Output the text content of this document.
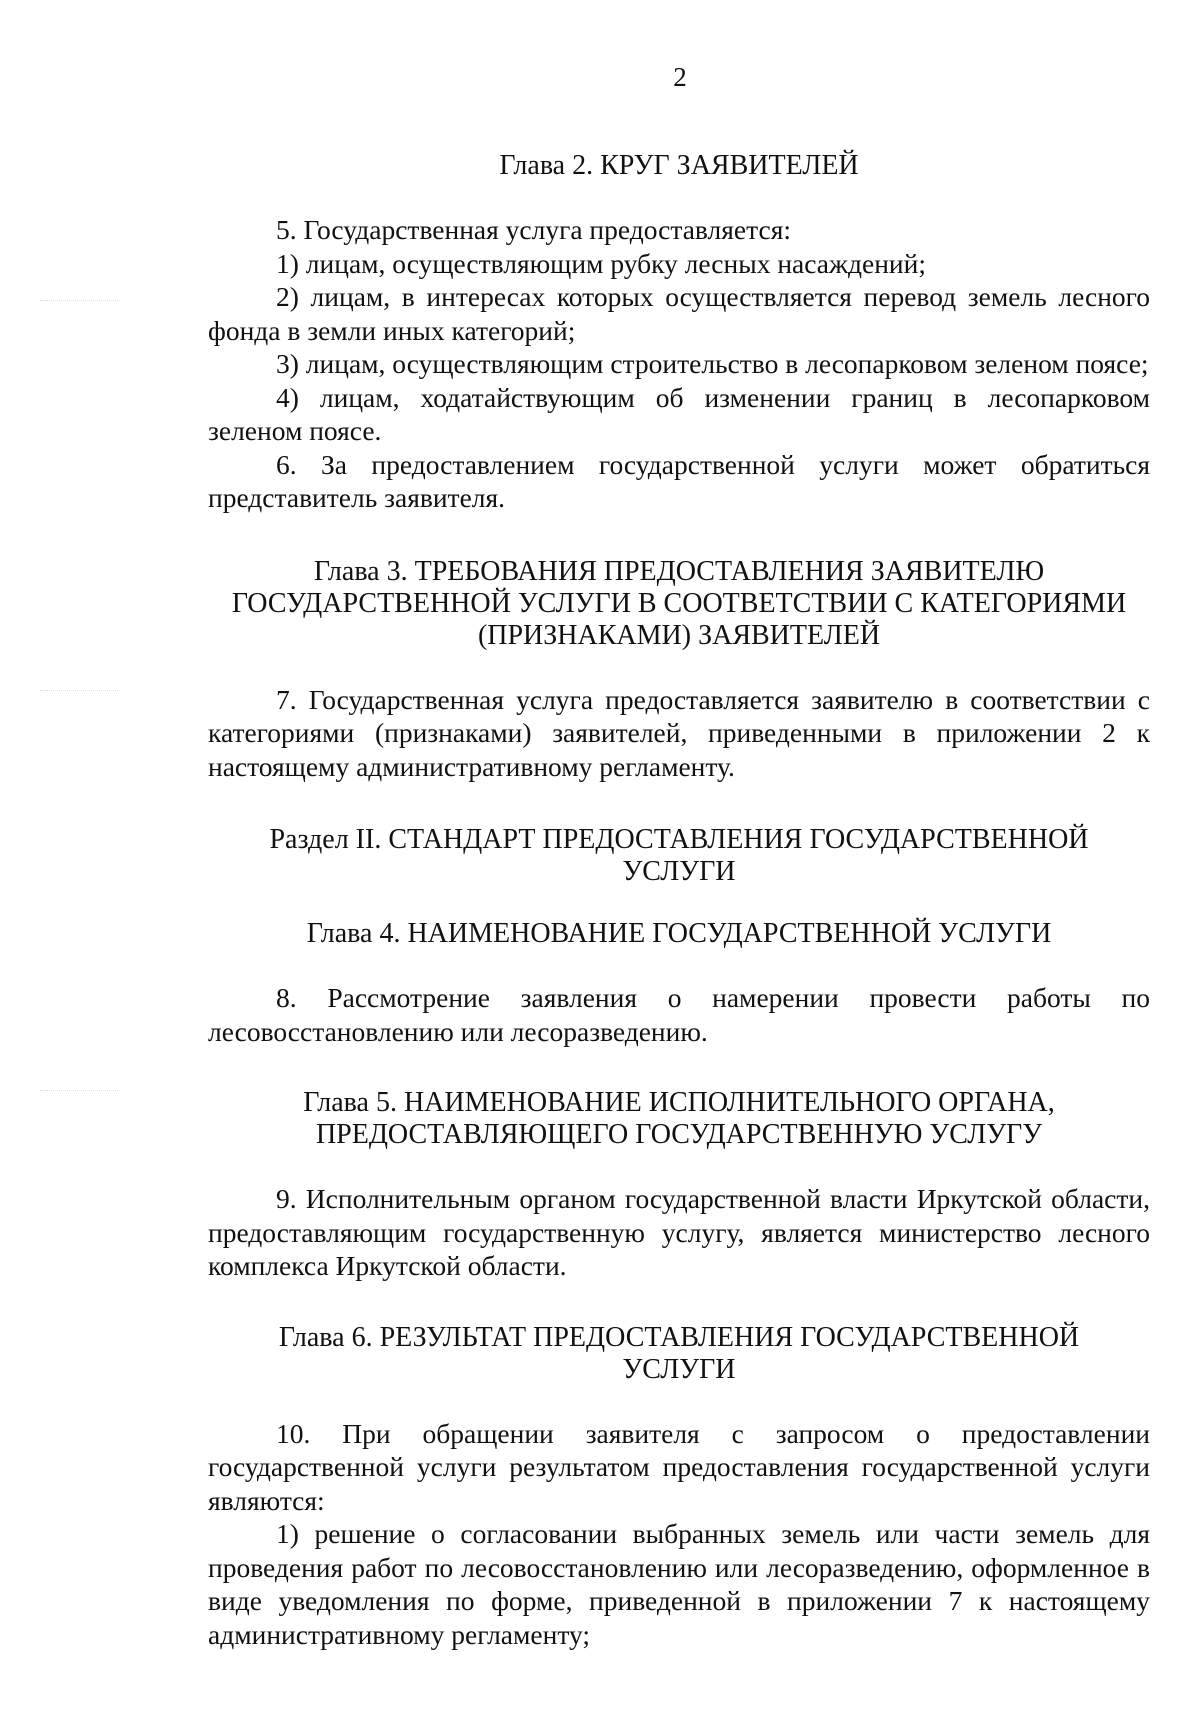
2
Глава 2. КРУГ ЗАЯВИТЕЛЕЙ

5. Государственная услуга предоставляется:

1) лицам, осуществляющим рубку лесных насаждений;

2) лицам, в интересах которых осуществляется перевод земель лесного фонда в земли иных категорий;

3) лицам, осуществляющим строительство в лесопарковом зеленом поясе;

4) лицам, ходатайствующим об изменении границ в лесопарковом зеленом поясе.

6. За предоставлением государственной услуги может обратиться представитель заявителя.

Глава 3. ТРЕБОВАНИЯ ПРЕДОСТАВЛЕНИЯ ЗАЯВИТЕЛЮ
ГОСУДАРСТВЕННОЙ УСЛУГИ В СООТВЕТСТВИИ С КАТЕГОРИЯМИ
(ПРИЗНАКАМИ) ЗАЯВИТЕЛЕЙ

7. Государственная услуга предоставляется заявителю в соответствии с категориями (признаками) заявителей, приведенными в приложении 2 к настоящему административному регламенту.

Раздел II. СТАНДАРТ ПРЕДОСТАВЛЕНИЯ ГОСУДАРСТВЕННОЙ
УСЛУГИ
Глава 4. НАИМЕНОВАНИЕ ГОСУДАРСТВЕННОЙ УСЛУГИ

8. Рассмотрение заявления о намерении провести работы по лесовосстановлению или лесоразведению.

Глава 5. НАИМЕНОВАНИЕ ИСПОЛНИТЕЛЬНОГО ОРГАНА,
ПРЕДОСТАВЛЯЮЩЕГО ГОСУДАРСТВЕННУЮ УСЛУГУ

9. Исполнительным органом государственной власти Иркутской области, предоставляющим государственную услугу, является министерство лесного комплекса Иркутской области.

Глава 6. РЕЗУЛЬТАТ ПРЕДОСТАВЛЕНИЯ ГОСУДАРСТВЕННОЙ
УСЛУГИ

10. При обращении заявителя с запросом о предоставлении государственной услуги результатом предоставления государственной услуги являются:

1) решение о согласовании выбранных земель или части земель для проведения работ по лесовосстановлению или лесоразведению, оформленное в виде уведомления по форме, приведенной в приложении 7 к настоящему административному регламенту;
